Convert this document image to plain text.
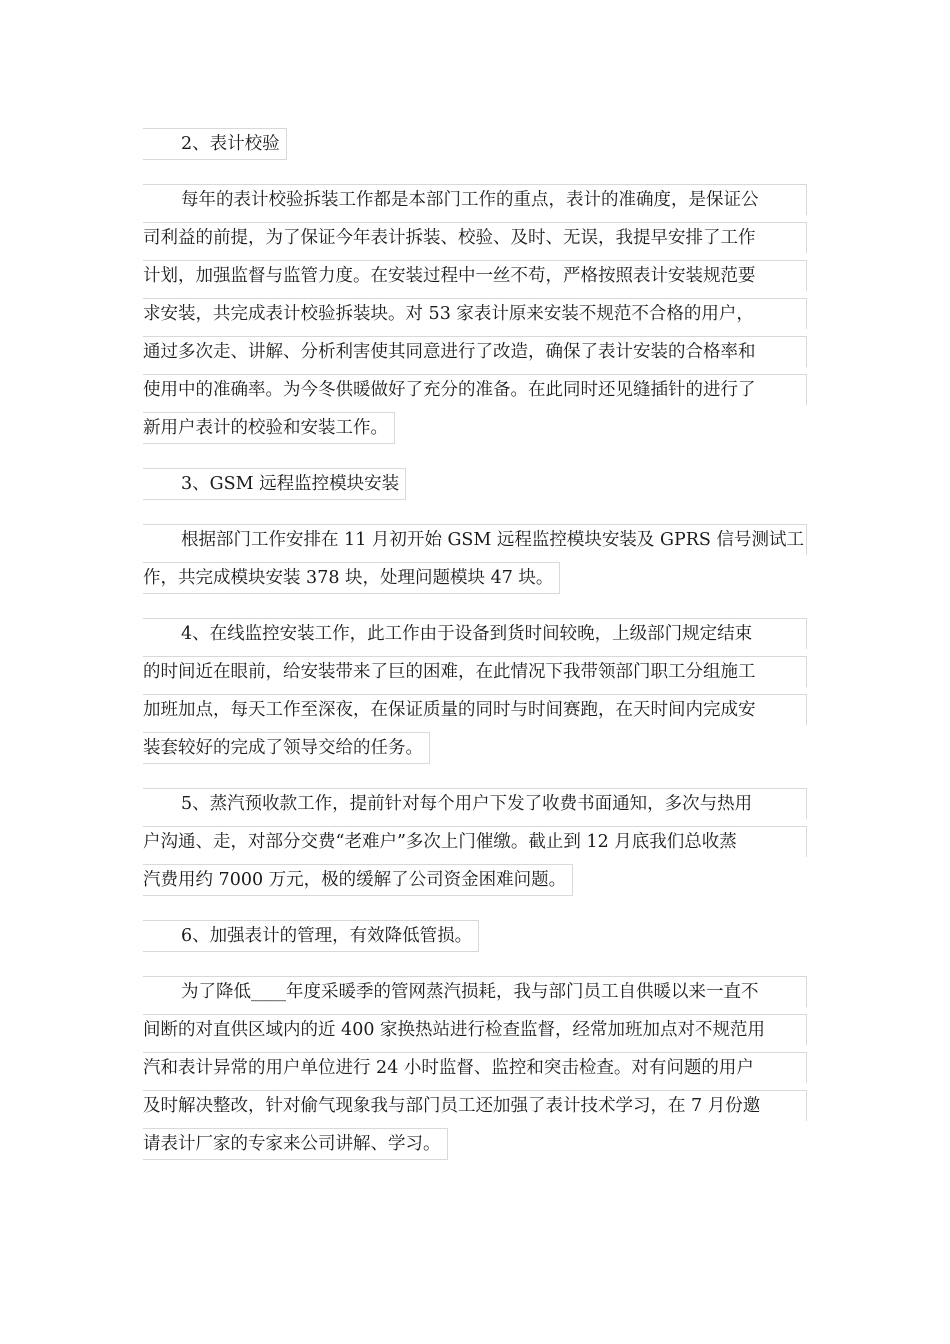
2、表计校验
每年的表计校验拆装工作都是本部门工作的重点，表计的准确度，是保证公
司利益的前提，为了保证今年表计拆装、校验、及时、无误，我提早安排了工作
计划，加强监督与监管力度。在安装过程中一丝不苟，严格按照表计安装规范要
求安装，共完成表计校验拆装块。对 53 家表计原来安装不规范不合格的用户，
通过多次走、讲解、分析利害使其同意进行了改造，确保了表计安装的合格率和
使用中的准确率。为今冬供暖做好了充分的准备。在此同时还见缝插针的进行了
新用户表计的校验和安装工作。
3、GSM 远程监控模块安装
根据部门工作安排在 11 月初开始 GSM 远程监控模块安装及 GPRS 信号测试工
作，共完成模块安装 378 块，处理问题模块 47 块。
4、在线监控安装工作，此工作由于设备到货时间较晚，上级部门规定结束
的时间近在眼前，给安装带来了巨的困难，在此情况下我带领部门职工分组施工
加班加点，每天工作至深夜，在保证质量的同时与时间赛跑，在天时间内完成安
装套较好的完成了领导交给的任务。
5、蒸汽预收款工作，提前针对每个用户下发了收费书面通知，多次与热用
户沟通、走，对部分交费“老难户”多次上门催缴。截止到 12 月底我们总收蒸
汽费用约 7000 万元，极的缓解了公司资金困难问题。
6、加强表计的管理，有效降低管损。
为了降低____年度采暖季的管网蒸汽损耗，我与部门员工自供暖以来一直不
间断的对直供区域内的近 400 家换热站进行检查监督，经常加班加点对不规范用
汽和表计异常的用户单位进行 24 小时监督、监控和突击检查。对有问题的用户
及时解决整改，针对偷气现象我与部门员工还加强了表计技术学习，在 7 月份邀
请表计厂家的专家来公司讲解、学习。
